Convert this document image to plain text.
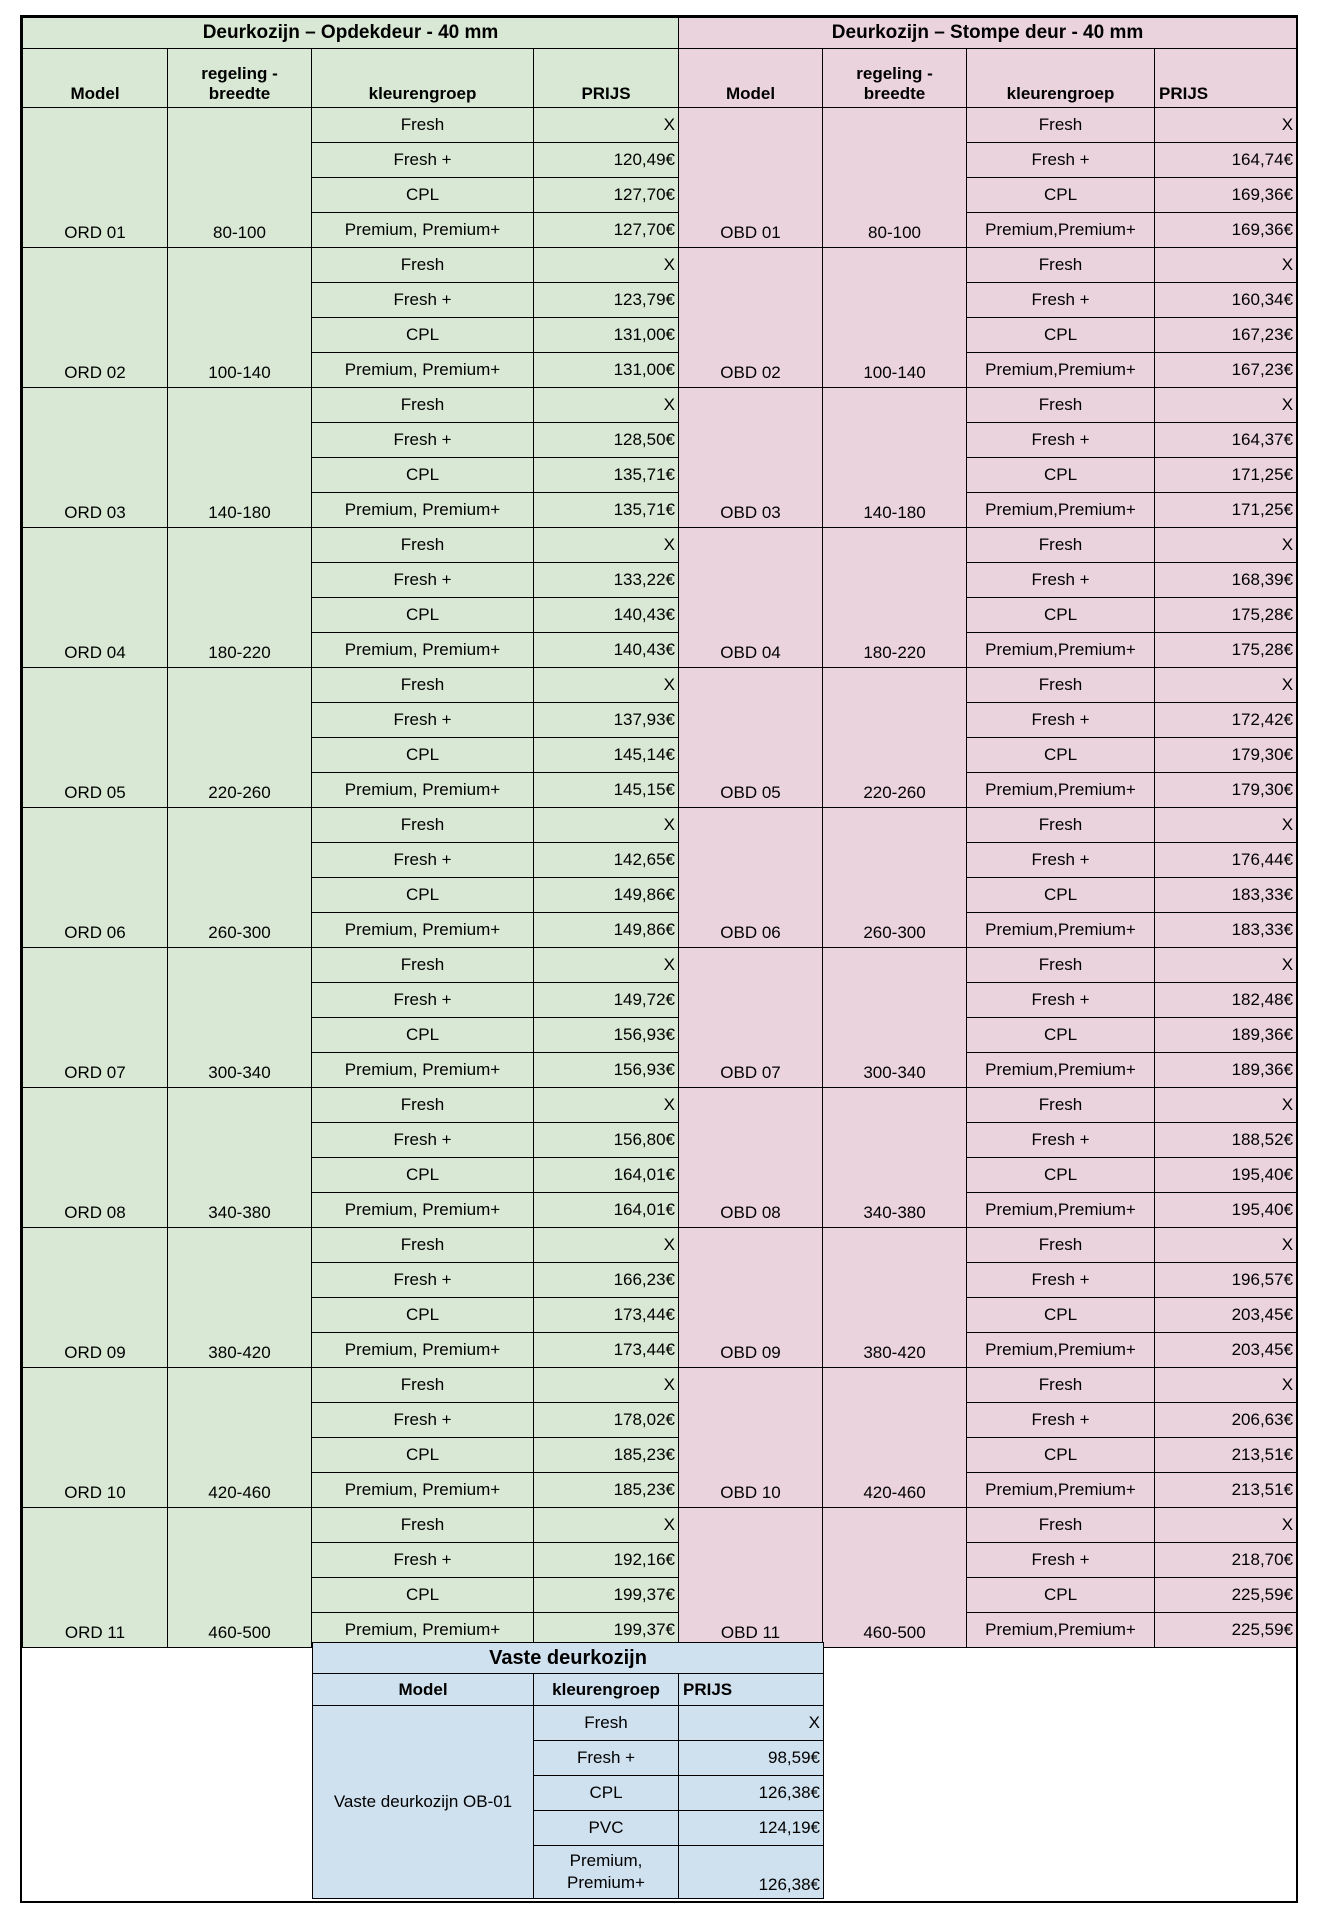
Deurkozijn – Opdekdeur - 40 mm				Deurkozijn – Stompe deur - 40 mm			
Model	regeling - breedte	kleurengroep	PRIJS	Model	regeling - breedte	kleurengroep	PRIJS
ORD 01	80-100	Fresh	X	OBD 01	80-100	Fresh	X
		Fresh +	120,49€			Fresh +	164,74€
		CPL	127,70€			CPL	169,36€
		Premium, Premium+	127,70€			Premium,Premium+	169,36€
ORD 02	100-140	Fresh	X	OBD 02	100-140	Fresh	X
		Fresh +	123,79€			Fresh +	160,34€
		CPL	131,00€			CPL	167,23€
		Premium, Premium+	131,00€			Premium,Premium+	167,23€
ORD 03	140-180	Fresh	X	OBD 03	140-180	Fresh	X
		Fresh +	128,50€			Fresh +	164,37€
		CPL	135,71€			CPL	171,25€
		Premium, Premium+	135,71€			Premium,Premium+	171,25€
ORD 04	180-220	Fresh	X	OBD 04	180-220	Fresh	X
		Fresh +	133,22€			Fresh +	168,39€
		CPL	140,43€			CPL	175,28€
		Premium, Premium+	140,43€			Premium,Premium+	175,28€
ORD 05	220-260	Fresh	X	OBD 05	220-260	Fresh	X
		Fresh +	137,93€			Fresh +	172,42€
		CPL	145,14€			CPL	179,30€
		Premium, Premium+	145,15€			Premium,Premium+	179,30€
ORD 06	260-300	Fresh	X	OBD 06	260-300	Fresh	X
		Fresh +	142,65€			Fresh +	176,44€
		CPL	149,86€			CPL	183,33€
		Premium, Premium+	149,86€			Premium,Premium+	183,33€
ORD 07	300-340	Fresh	X	OBD 07	300-340	Fresh	X
		Fresh +	149,72€			Fresh +	182,48€
		CPL	156,93€			CPL	189,36€
		Premium, Premium+	156,93€			Premium,Premium+	189,36€
ORD 08	340-380	Fresh	X	OBD 08	340-380	Fresh	X
		Fresh +	156,80€			Fresh +	188,52€
		CPL	164,01€			CPL	195,40€
		Premium, Premium+	164,01€			Premium,Premium+	195,40€
ORD 09	380-420	Fresh	X	OBD 09	380-420	Fresh	X
		Fresh +	166,23€			Fresh +	196,57€
		CPL	173,44€			CPL	203,45€
		Premium, Premium+	173,44€			Premium,Premium+	203,45€
ORD 10	420-460	Fresh	X	OBD 10	420-460	Fresh	X
		Fresh +	178,02€			Fresh +	206,63€
		CPL	185,23€			CPL	213,51€
		Premium, Premium+	185,23€			Premium,Premium+	213,51€
ORD 11	460-500	Fresh	X	OBD 11	460-500	Fresh	X
		Fresh +	192,16€			Fresh +	218,70€
		CPL	199,37€			CPL	225,59€
		Premium, Premium+	199,37€			Premium,Premium+	225,59€
Vaste deurkozijn		
Model	kleurengroep	PRIJS
Vaste deurkozijn OB-01	Fresh	X
	Fresh +	98,59€
	CPL	126,38€
	PVC	124,19€
	Premium, Premium+	126,38€
